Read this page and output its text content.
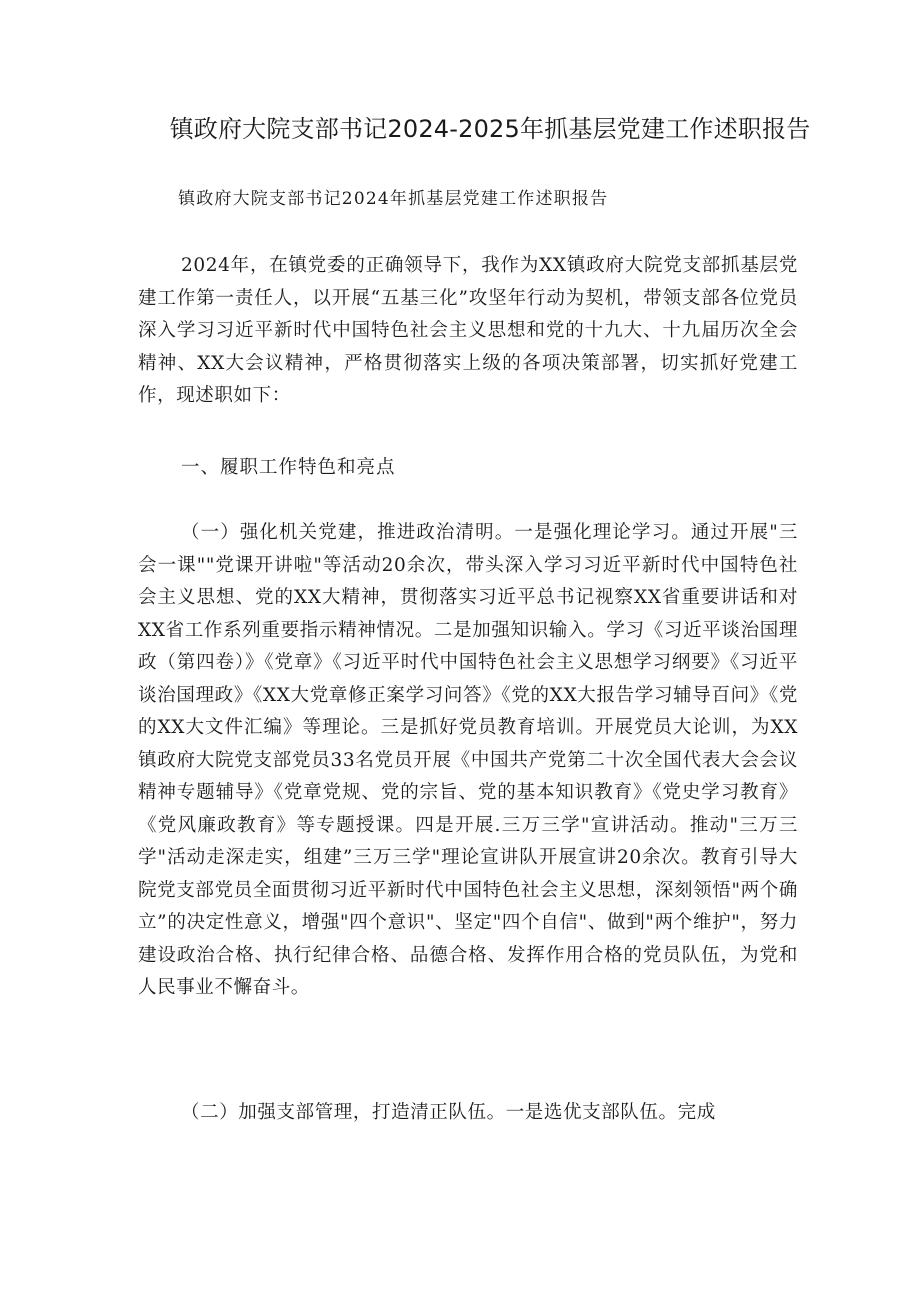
镇政府大院支部书记2024-2025年抓基层党建工作述职报告

镇政府大院支部书记2024年抓基层党建工作述职报告

2024年，在镇党委的正确领导下，我作为XX镇政府大院党支部抓基层党建工作第一责任人，以开展“五基三化”攻坚年行动为契机，带领支部各位党员深入学习习近平新时代中国特色社会主义思想和党的十九大、十九届历次全会精神、XX大会议精神，严格贯彻落实上级的各项决策部署，切实抓好党建工作，现述职如下：

一、履职工作特色和亮点

（一）强化机关党建，推进政治清明。一是强化理论学习。通过开展"三会一课""党课开讲啦"等活动20余次，带头深入学习习近平新时代中国特色社会主义思想、党的XX大精神，贯彻落实习近平总书记视察XX省重要讲话和对XX省工作系列重要指示精神情况。二是加强知识输入。学习《习近平谈治国理政（第四卷）》《党章》《习近平时代中国特色社会主义思想学习纲要》《习近平谈治国理政》《XX大党章修正案学习问答》《党的XX大报告学习辅导百问》《党的XX大文件汇编》等理论。三是抓好党员教育培训。开展党员大论训，为XX镇政府大院党支部党员33名党员开展《中国共产党第二十次全国代表大会会议精神专题辅导》《党章党规、党的宗旨、党的基本知识教育》《党史学习教育》《党风廉政教育》等专题授课。四是开展.三万三学"宣讲活动。推动"三万三学"活动走深走实，组建”三万三学"理论宣讲队开展宣讲20余次。教育引导大院党支部党员全面贯彻习近平新时代中国特色社会主义思想，深刻领悟"两个确立”的决定性意义，增强"四个意识"、坚定"四个自信"、做到"两个维护"，努力建设政治合格、执行纪律合格、品德合格、发挥作用合格的党员队伍，为党和人民事业不懈奋斗。

（二）加强支部管理，打造清正队伍。一是选优支部队伍。完成
